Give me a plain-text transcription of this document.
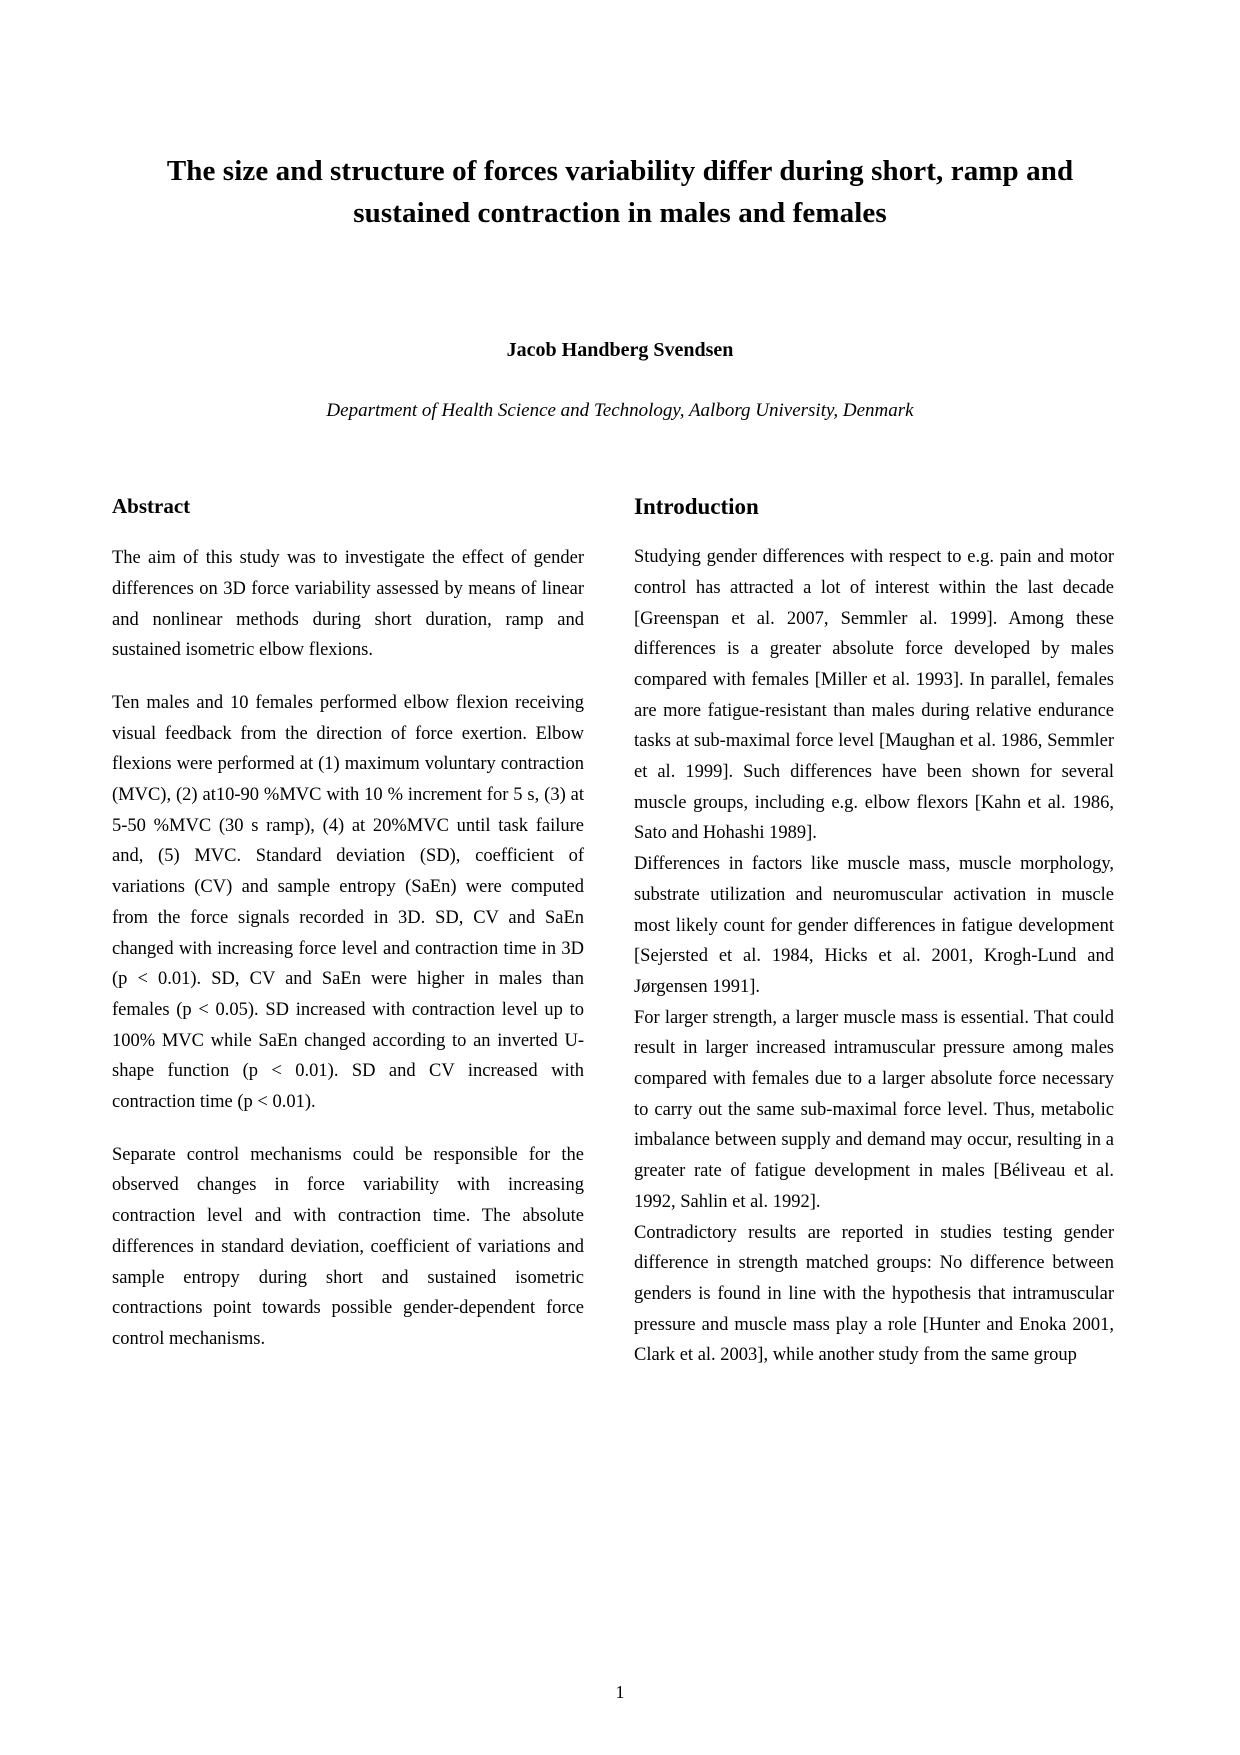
The size and structure of forces variability differ during short, ramp and sustained contraction in males and females
Jacob Handberg Svendsen
Department of Health Science and Technology, Aalborg University, Denmark
Abstract

The aim of this study was to investigate the effect of gender differences on 3D force variability assessed by means of linear and nonlinear methods during short duration, ramp and sustained isometric elbow flexions.

Ten males and 10 females performed elbow flexion receiving visual feedback from the direction of force exertion. Elbow flexions were performed at (1) maximum voluntary contraction (MVC), (2) at10-90 %MVC with 10 % increment for 5 s, (3) at 5-50 %MVC (30 s ramp), (4) at 20%MVC until task failure and, (5) MVC. Standard deviation (SD), coefficient of variations (CV) and sample entropy (SaEn) were computed from the force signals recorded in 3D. SD, CV and SaEn changed with increasing force level and contraction time in 3D (p < 0.01). SD, CV and SaEn were higher in males than females (p < 0.05). SD increased with contraction level up to 100% MVC while SaEn changed according to an inverted U-shape function (p < 0.01). SD and CV increased with contraction time (p < 0.01).

Separate control mechanisms could be responsible for the observed changes in force variability with increasing contraction level and with contraction time. The absolute differences in standard deviation, coefficient of variations and sample entropy during short and sustained isometric contractions point towards possible gender-dependent force control mechanisms.

Introduction

Studying gender differences with respect to e.g. pain and motor control has attracted a lot of interest within the last decade [Greenspan et al. 2007, Semmler al. 1999]. Among these differences is a greater absolute force developed by males compared with females [Miller et al. 1993]. In parallel, females are more fatigue-resistant than males during relative endurance tasks at sub-maximal force level [Maughan et al. 1986, Semmler et al. 1999]. Such differences have been shown for several muscle groups, including e.g. elbow flexors [Kahn et al. 1986, Sato and Hohashi 1989].

Differences in factors like muscle mass, muscle morphology, substrate utilization and neuromuscular activation in muscle most likely count for gender differences in fatigue development [Sejersted et al. 1984, Hicks et al. 2001, Krogh-Lund and Jørgensen 1991].

For larger strength, a larger muscle mass is essential. That could result in larger increased intramuscular pressure among males compared with females due to a larger absolute force necessary to carry out the same sub-maximal force level. Thus, metabolic imbalance between supply and demand may occur, resulting in a greater rate of fatigue development in males [Béliveau et al. 1992, Sahlin et al. 1992].

Contradictory results are reported in studies testing gender difference in strength matched groups: No difference between genders is found in line with the hypothesis that intramuscular pressure and muscle mass play a role [Hunter and Enoka 2001, Clark et al. 2003], while another study from the same group

1
